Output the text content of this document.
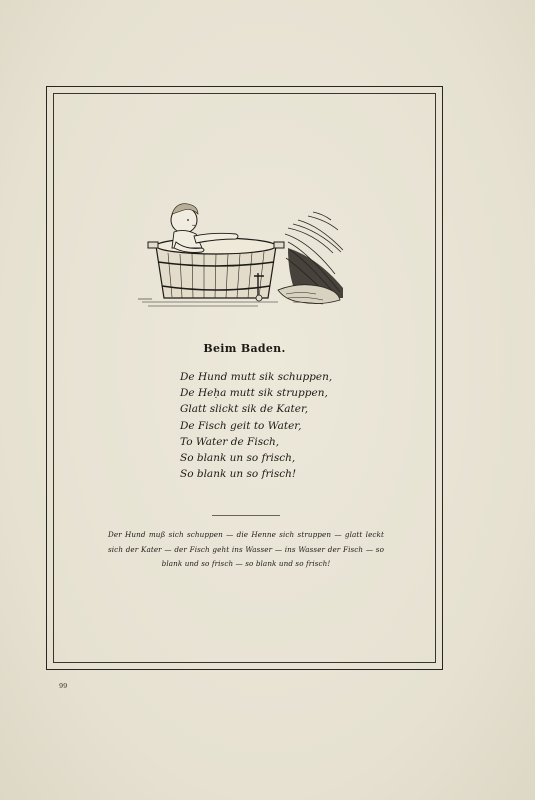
Beim Baden.
De Hund mutt sik schuppen,
De Heḥa mutt sik struppen,
Glatt slickt sik de Kater,
De Fisch geit to Water,
To Water de Fisch,
So blank un so frisch,
So blank un so frisch!
Der Hund muß sich schuppen — die Henne sich struppen — glatt leckt sich der Kater — der Fisch geht ins Wasser — ins Wasser der Fisch — so blank und so frisch — so blank und so frisch!
99
